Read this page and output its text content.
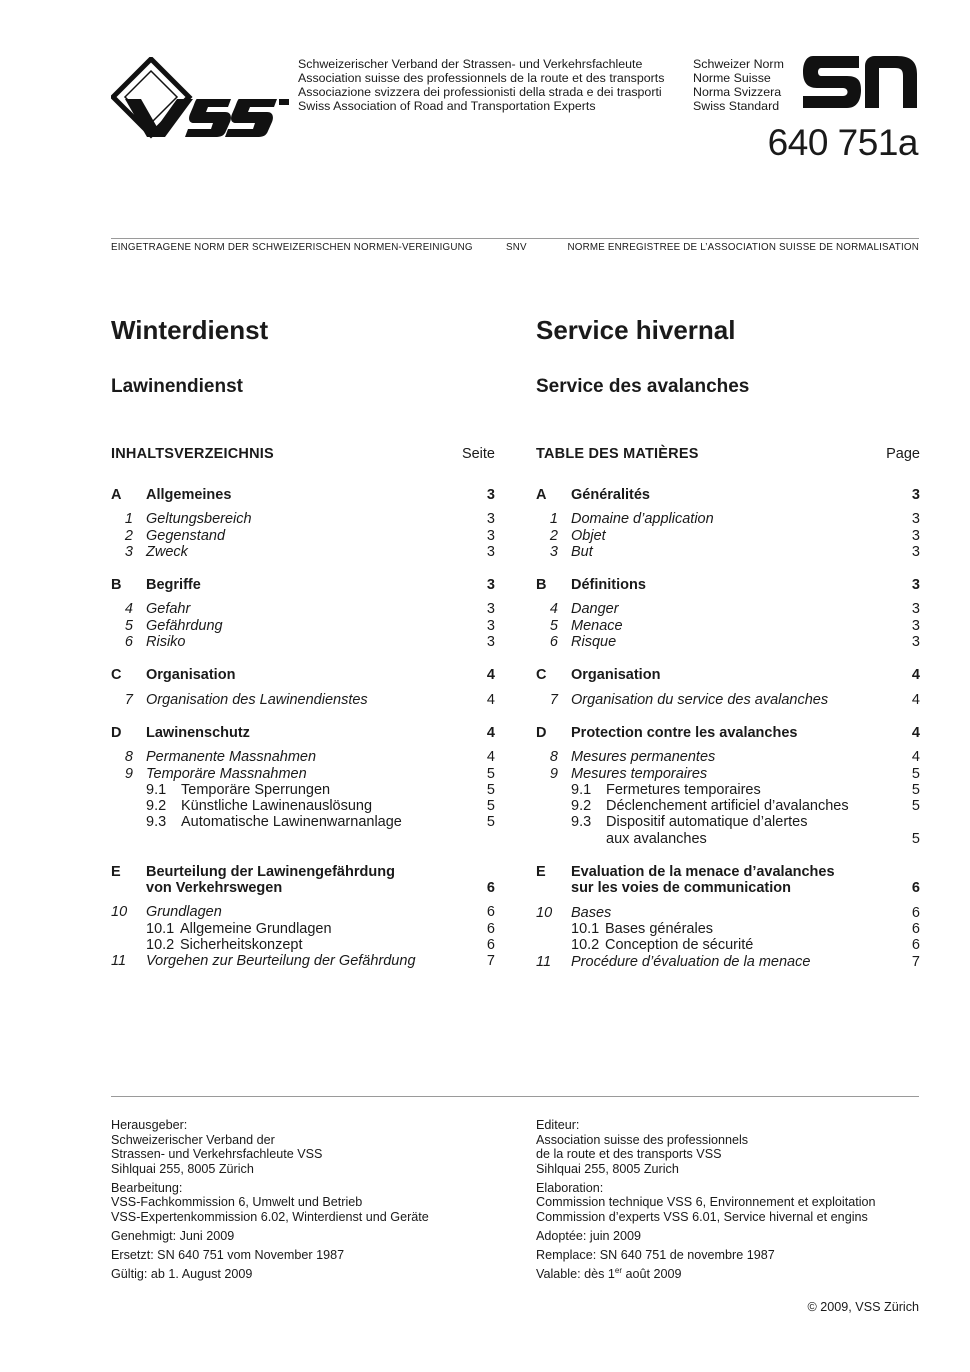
Schweizerischer Verband der Strassen- und Verkehrsfachleute
Association suisse des professionnels de la route et des transports
Associazione svizzera dei professionisti della strada e dei trasporti
Swiss Association of Road and Transportation Experts
Schweizer Norm
Norme Suisse
Norma Svizzera
Swiss Standard
640 751a
EINGETRAGENE NORM DER SCHWEIZERISCHEN NORMEN-VEREINIGUNG	SNV	NORME ENREGISTREE DE L’ASSOCIATION SUISSE DE NORMALISATION
Winterdienst
Lawinendienst
INHALTSVERZEICHNIS	Seite
A	Allgemeines	3
1 Geltungsbereich	3
2 Gegenstand	3
3 Zweck	3
B	Begriffe	3
4 Gefahr	3
5 Gefährdung	3
6 Risiko	3
C	Organisation	4
7 Organisation des Lawinendienstes	4
D	Lawinenschutz	4
8 Permanente Massnahmen	4
9 Temporäre Massnahmen	5
9.1	Temporäre Sperrungen	5
9.2	Künstliche Lawinenauslösung	5
9.3	Automatische Lawinenwarnanlage	5
E	Beurteilung der Lawinengefährdung
von Verkehrswegen	6
10	Grundlagen	6
10.1 Allgemeine Grundlagen	6
10.2 Sicherheitskonzept	6
11	Vorgehen zur Beurteilung der Gefährdung	7
Service hivernal
Service des avalanches
TABLE DES MATIÈRES	Page
A	Généralités	3
1 Domaine d’application	3
2 Objet	3
3 But	3
B	Définitions	3
4 Danger	3
5 Menace	3
6 Risque	3
C	Organisation	4
7 Organisation du service des avalanches	4
D	Protection contre les avalanches	4
8 Mesures permanentes	4
9 Mesures temporaires	5
9.1	Fermetures temporaires	5
9.2	Déclenchement artificiel d’avalanches	5
9.3	Dispositif automatique d’alertes
aux avalanches	5
E	Evaluation de la menace d’avalanches
sur les voies de communication	6
10	Bases	6
10.1 Bases générales	6
10.2 Conception de sécurité	6
11	Procédure d’évaluation de la menace	7
Herausgeber:
Schweizerischer Verband der
Strassen- und Verkehrsfachleute VSS
Sihlquai 255, 8005 Zürich
Bearbeitung:
VSS-Fachkommission 6, Umwelt und Betrieb
VSS-Expertenkommission 6.02, Winterdienst und Geräte
Genehmigt: Juni 2009
Ersetzt: SN 640 751 vom November 1987
Gültig: ab 1. August 2009
Editeur:
Association suisse des professionnels
de la route et des transports VSS
Sihlquai 255, 8005 Zurich
Elaboration:
Commission technique VSS 6, Environnement et exploitation
Commission d’experts VSS 6.01, Service hivernal et engins
Adoptée: juin 2009
Remplace: SN 640 751 de novembre 1987
Valable: dès 1er août 2009
© 2009, VSS Zürich
